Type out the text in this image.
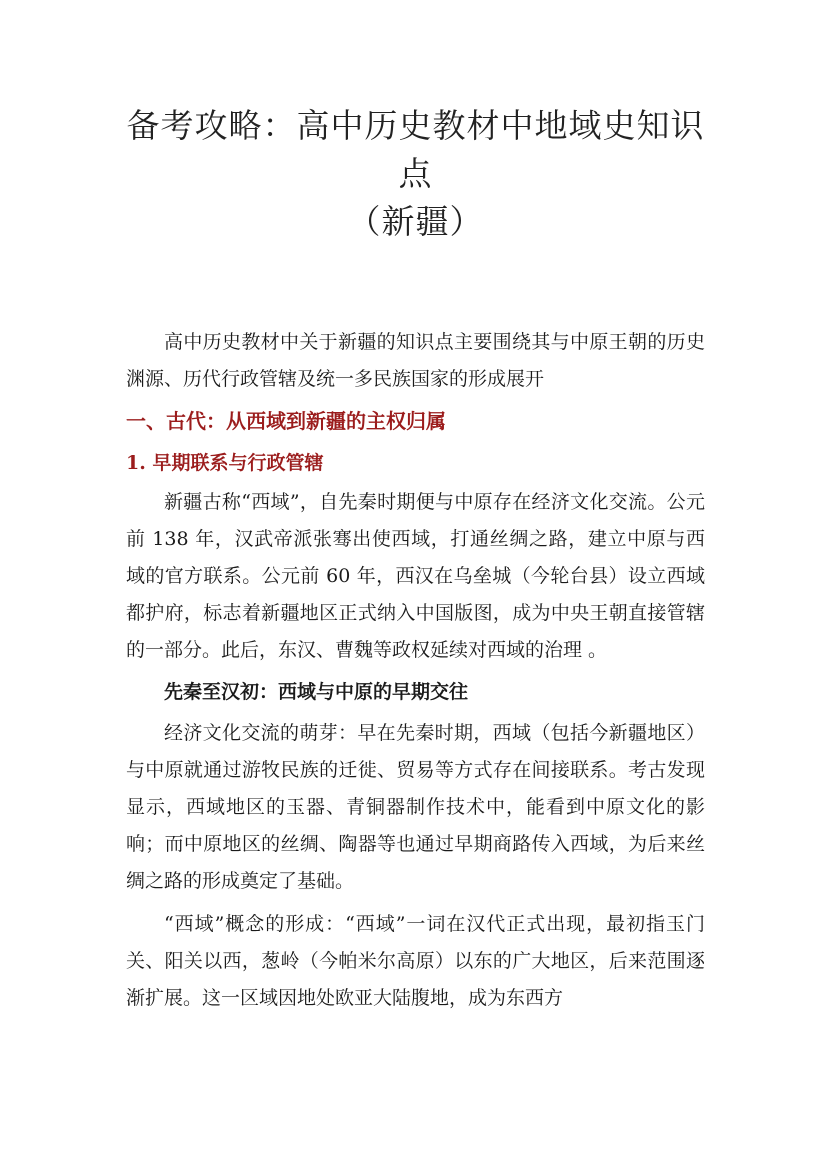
备考攻略：高中历史教材中地域史知识点
（新疆）

高中历史教材中关于新疆的知识点主要围绕其与中原王朝的历史渊源、历代行政管辖及统一多民族国家的形成展开

一、古代：从西域到新疆的主权归属
1. 早期联系与行政管辖

新疆古称“西域”，自先秦时期便与中原存在经济文化交流。公元前 138 年，汉武帝派张骞出使西域，打通丝绸之路，建立中原与西域的官方联系。公元前 60 年，西汉在乌垒城（今轮台县）设立西域都护府，标志着新疆地区正式纳入中国版图，成为中央王朝直接管辖的一部分。此后，东汉、曹魏等政权延续对西域的治理 。

先秦至汉初：西域与中原的早期交往

经济文化交流的萌芽：早在先秦时期，西域（包括今新疆地区）与中原就通过游牧民族的迁徙、贸易等方式存在间接联系。考古发现显示，西域地区的玉器、青铜器制作技术中，能看到中原文化的影响；而中原地区的丝绸、陶器等也通过早期商路传入西域，为后来丝绸之路的形成奠定了基础。

“西域”概念的形成：“西域”一词在汉代正式出现，最初指玉门关、阳关以西，葱岭（今帕米尔高原）以东的广大地区，后来范围逐渐扩展。这一区域因地处欧亚大陆腹地，成为东西方
